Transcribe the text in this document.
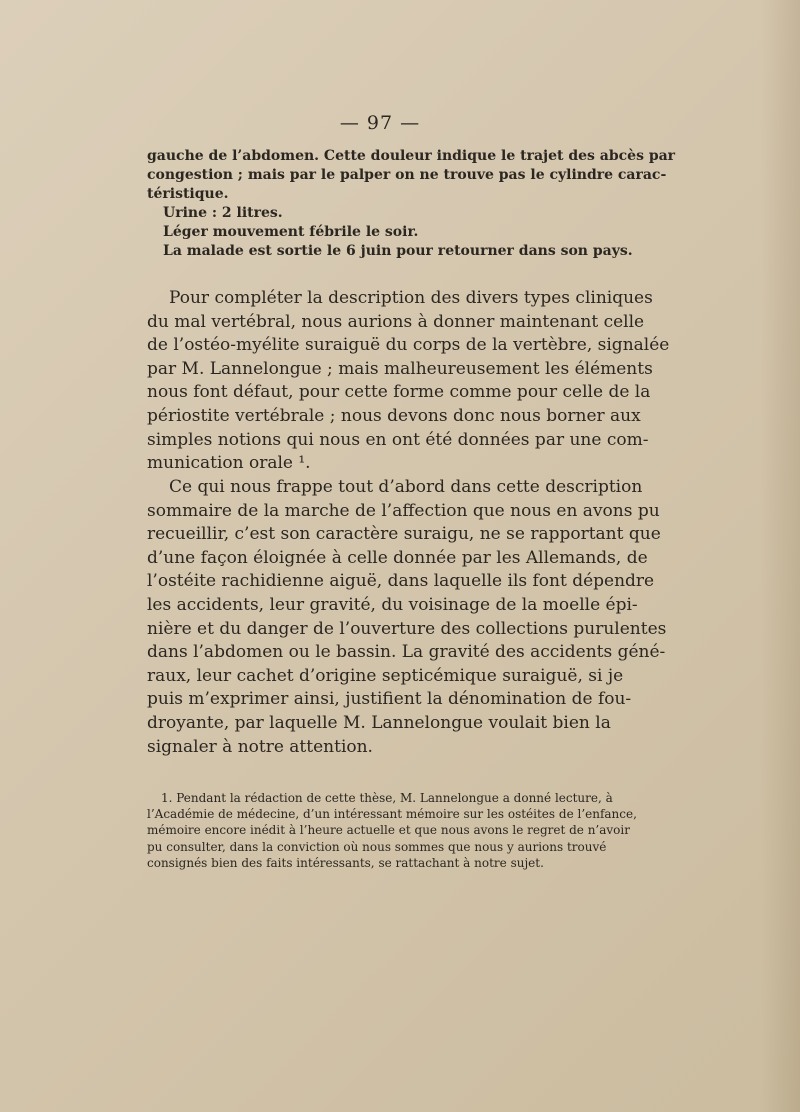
— 97 —
gauche de l’abdomen. Cette douleur indique le trajet des abcès par
congestion ; mais par le palper on ne trouve pas le cylindre carac-
téristique.
Urine : 2 litres.
Léger mouvement fébrile le soir.
La malade est sortie le 6 juin pour retourner dans son pays.
Pour compléter la description des divers types cliniques
du mal vertébral, nous aurions à donner maintenant celle
de l’ostéo-myélite suraiguë du corps de la vertèbre, signalée
par M. Lannelongue ; mais malheureusement les éléments
nous font défaut, pour cette forme comme pour celle de la
périostite vertébrale ; nous devons donc nous borner aux
simples notions qui nous en ont été données par une com-
munication orale ¹.
Ce qui nous frappe tout d’abord dans cette description
sommaire de la marche de l’affection que nous en avons pu
recueillir, c’est son caractère suraigu, ne se rapportant que
d’une façon éloignée à celle donnée par les Allemands, de
l’ostéite rachidienne aiguë, dans laquelle ils font dépendre
les accidents, leur gravité, du voisinage de la moelle épi-
nière et du danger de l’ouverture des collections purulentes
dans l’abdomen ou le bassin. La gravité des accidents géné-
raux, leur cachet d’origine septicémique suraiguë, si je
puis m’exprimer ainsi, justifient la dénomination de fou-
droyante, par laquelle M. Lannelongue voulait bien la
signaler à notre attention.
1. Pendant la rédaction de cette thèse, M. Lannelongue a donné lecture, à
l’Académie de médecine, d’un intéressant mémoire sur les ostéites de l’enfance,
mémoire encore inédit à l’heure actuelle et que nous avons le regret de n’avoir
pu consulter, dans la conviction où nous sommes que nous y aurions trouvé
consignés bien des faits intéressants, se rattachant à notre sujet.
